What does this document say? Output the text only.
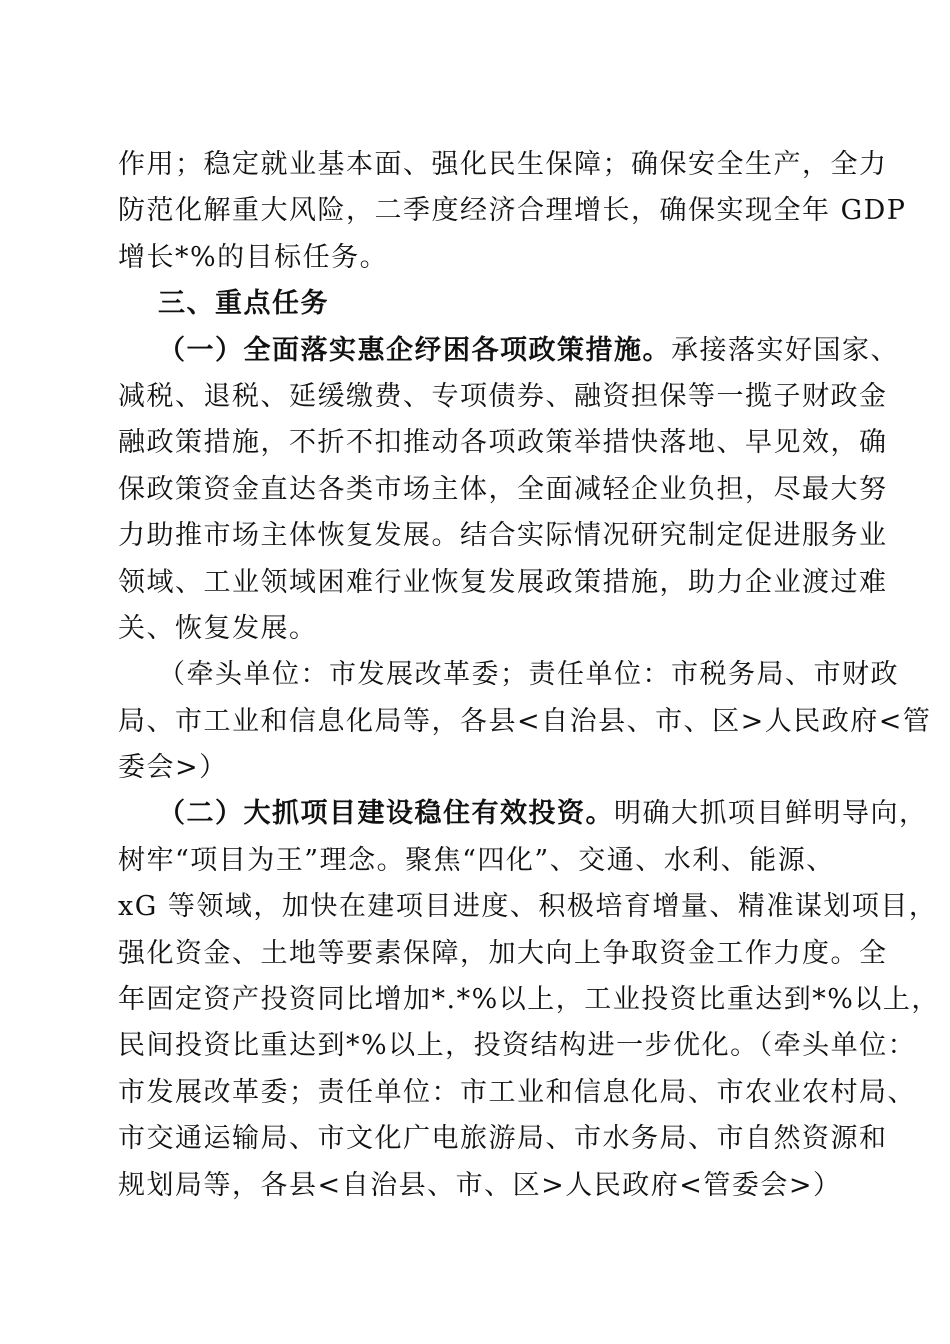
作用；稳定就业基本面、强化民生保障；确保安全生产，全力
防范化解重大风险，二季度经济合理增长，确保实现全年 GDP
增长*%的目标任务。
三、重点任务
（一）全面落实惠企纾困各项政策措施。承接落实好国家、
减税、退税、延缓缴费、专项债券、融资担保等一揽子财政金
融政策措施，不折不扣推动各项政策举措快落地、早见效，确
保政策资金直达各类市场主体，全面减轻企业负担，尽最大努
力助推市场主体恢复发展。结合实际情况研究制定促进服务业
领域、工业领域困难行业恢复发展政策措施，助力企业渡过难
关、恢复发展。
（牵头单位：市发展改革委；责任单位：市税务局、市财政
局、市工业和信息化局等，各县<自治县、市、区>人民政府<管
委会>）
（二）大抓项目建设稳住有效投资。明确大抓项目鲜明导向，
树牢“项目为王”理念。聚焦“四化”、交通、水利、能源、
xG 等领域，加快在建项目进度、积极培育增量、精准谋划项目，
强化资金、土地等要素保障，加大向上争取资金工作力度。全
年固定资产投资同比增加*.*%以上，工业投资比重达到*%以上，
民间投资比重达到*%以上，投资结构进一步优化。（牵头单位：
市发展改革委；责任单位：市工业和信息化局、市农业农村局、
市交通运输局、市文化广电旅游局、市水务局、市自然资源和
规划局等，各县<自治县、市、区>人民政府<管委会>）
